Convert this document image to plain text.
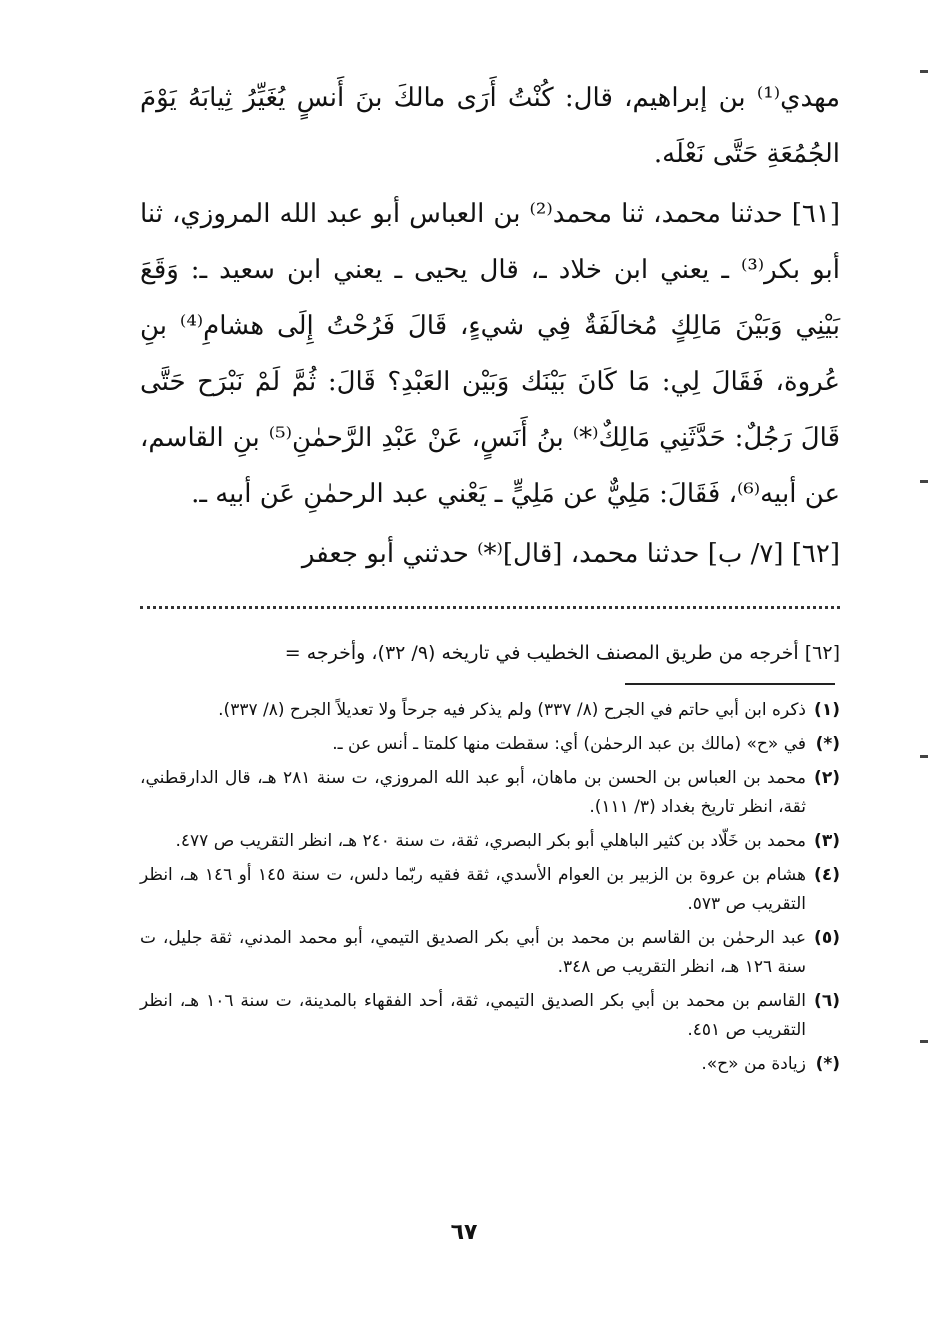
مهدي⁽¹⁾ بن إبراهيم، قال: كُنْتُ أَرَى مالكَ بنَ أَنسٍ يُغَيِّرُ ثِيابَهُ يَوْمَ الجُمُعَةِ حَتَّى نَعْلَه.

[٦١] حدثنا محمد، ثنا محمد⁽²⁾ بن العباس أبو عبد الله المروزي، ثنا أبو بكر⁽³⁾ ـ يعني ابن خلاد ـ، قال يحيى ـ يعني ابن سعيد ـ: وَقَعَ بَيْنِي وَبَيْنَ مَالِكٍ مُخالَفَةٌ فِي شيءٍ، قَالَ فَرُحْتُ إِلَى هشامِ⁽⁴⁾ بنِ عُروة، فَقَالَ لِي: مَا كَانَ بَيْنَك وَبَيْن العَبْدِ؟ قَالَ: ثُمَّ لَمْ نَبْرَح حَتَّى قَالَ رَجُلٌ: حَدَّثَنِي مَالِكٌ⁽*⁾ بنُ أَنَسٍ، عَنْ عَبْدِ الرَّحمٰنِ⁽⁵⁾ بنِ القاسم، عن أبيه⁽⁶⁾، فَقَالَ: مَلِيٌّ عن مَلِيٍّ ـ يَعْني عبد الرحمٰنِ عَن أبيه ـ.

[٦٢] [٧/ ب] حدثنا محمد، [قال]⁽*⁾ حدثني أبو جعفر

[٦٢] أخرجه من طريق المصنف الخطيب في تاريخه (٩/ ٣٢)، وأخرجه =
(١)
ذكره ابن أبي حاتم في الجرح (٨/ ٣٣٧) ولم يذكر فيه جرحاً ولا تعديلاً الجرح (٨/ ٣٣٧).
(*)
في «ح» (مالك بن عبد الرحمٰن) أي: سقطت منها كلمتا ـ أنس عن ـ.
(٢)
محمد بن العباس بن الحسن بن ماهان، أبو عبد الله المروزي، ت سنة ٢٨١ هـ، قال الدارقطني، ثقة، انظر تاريخ بغداد (٣/ ١١١).
(٣)
محمد بن خَلّاد بن كثير الباهلي أبو بكر البصري، ثقة، ت سنة ٢٤٠ هـ، انظر التقريب ص ٤٧٧.
(٤)
هشام بن عروة بن الزبير بن العوام الأسدي، ثقة فقيه ربّما دلس، ت سنة ١٤٥ أو ١٤٦ هـ، انظر التقريب ص ٥٧٣.
(٥)
عبد الرحمٰن بن القاسم بن محمد بن أبي بكر الصديق التيمي، أبو محمد المدني، ثقة جليل، ت سنة ١٢٦ هـ، انظر التقريب ص ٣٤٨.
(٦)
القاسم بن محمد بن أبي بكر الصديق التيمي، ثقة، أحد الفقهاء بالمدينة، ت سنة ١٠٦ هـ، انظر التقريب ص ٤٥١.
(*)
زيادة من «ح».
٦٧
